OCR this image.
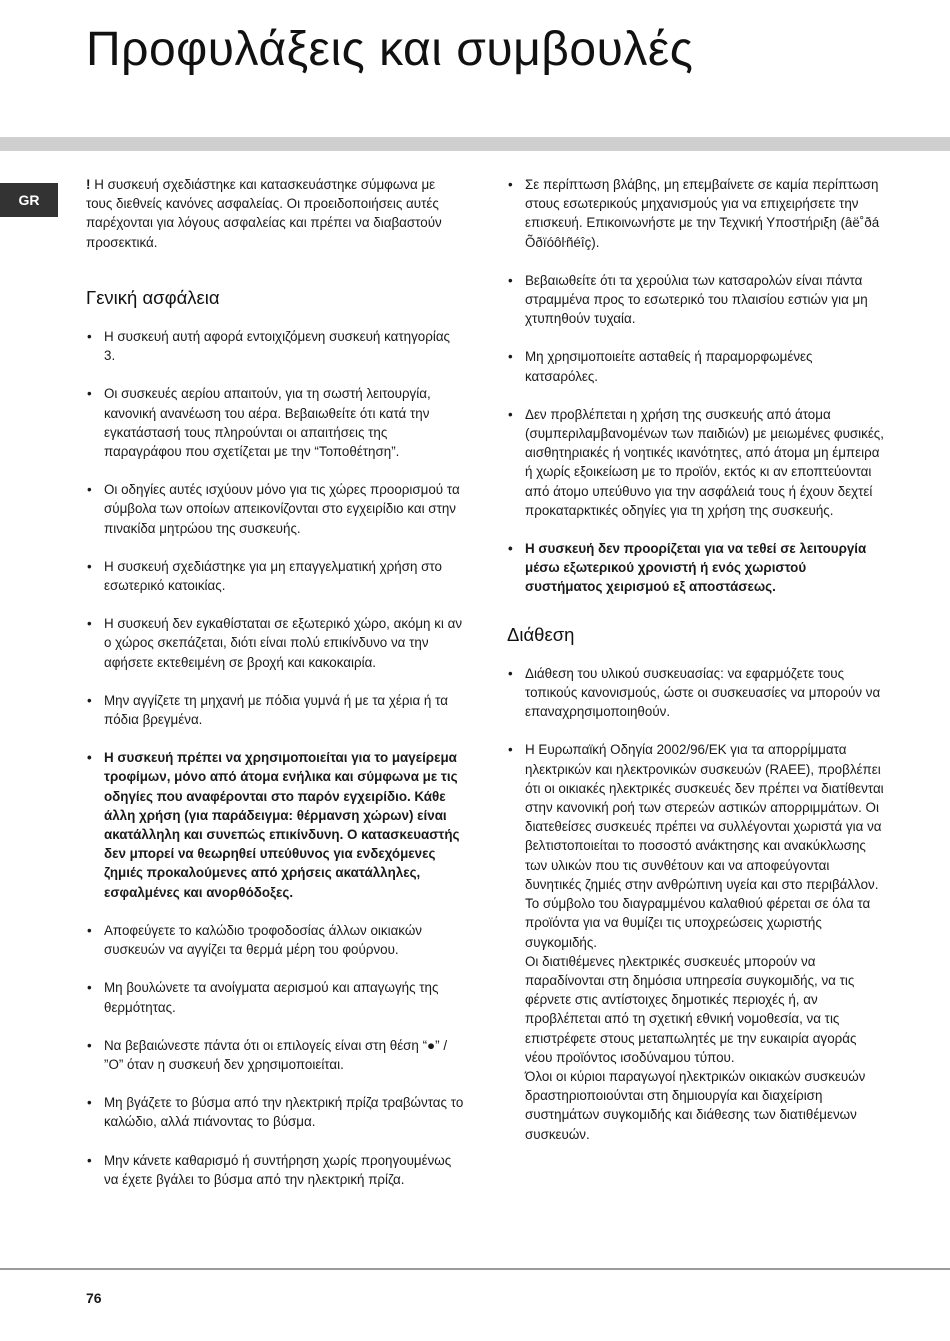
Προφυλάξεις και συμβουλές
GR

! Η συσκευή σχεδιάστηκε και κατασκευάστηκε σύμφωνα με τους διεθνείς κανόνες ασφαλείας. Οι προειδοποιήσεις αυτές παρέχονται για λόγους ασφαλείας και πρέπει να διαβαστούν προσεκτικά.

Γενική ασφάλεια
• Η συσκευή αυτή αφορά εντοιχιζόμενη συσκευή κατηγορίας 3.
• Οι συσκευές αερίου απαιτούν, για τη σωστή λειτουργία, κανονική ανανέωση του αέρα. Βεβαιωθείτε ότι κατά την εγκατάστασή τους πληρούνται οι απαιτήσεις της παραγράφου που σχετίζεται με την “Τοποθέτηση”.
• Οι οδηγίες αυτές ισχύουν μόνο για τις χώρες προορισμού τα σύμβολα των οποίων απεικονίζονται στο εγχειρίδιο και στην πινακίδα μητρώου της συσκευής.
• Η συσκευή σχεδιάστηκε για μη επαγγελματική χρήση στο εσωτερικό κατοικίας.
• Η συσκευή δεν εγκαθίσταται σε εξωτερικό χώρο, ακόμη κι αν ο χώρος σκεπάζεται, διότι είναι πολύ επικίνδυνο να την αφήσετε εκτεθειμένη σε βροχή και κακοκαιρία.
• Μην αγγίζετε τη μηχανή με πόδια γυμνά ή με τα χέρια ή τα πόδια βρεγμένα.
• Η συσκευή πρέπει να χρησιμοποιείται για το μαγείρεμα τροφίμων, μόνο από άτομα ενήλικα και σύμφωνα με τις οδηγίες που αναφέρονται στο παρόν εγχειρίδιο. Κάθε άλλη χρήση (για παράδειγμα: θέρμανση χώρων) είναι ακατάλληλη και συνεπώς επικίνδυνη. Ο κατασκευαστής δεν μπορεί να θεωρηθεί υπεύθυνος για ενδεχόμενες ζημιές προκαλούμενες από χρήσεις ακατάλληλες, εσφαλμένες και ανορθόδοξες.
• Αποφεύγετε το καλώδιο τροφοδοσίας άλλων οικιακών συσκευών να αγγίζει τα θερμά μέρη του φούρνου.
• Μη βουλώνετε τα ανοίγματα αερισμού και απαγωγής της θερμότητας.
• Να βεβαιώνεστε πάντα ότι οι επιλογείς είναι στη θέση “●” / ”O” όταν η συσκευή δεν χρησιμοποιείται.
• Μη βγάζετε το βύσμα από την ηλεκτρική πρίζα τραβώντας το καλώδιο, αλλά πιάνοντας το βύσμα.
• Μην κάνετε καθαρισμό ή συντήρηση χωρίς προηγουμένως να έχετε βγάλει το βύσμα από την ηλεκτρική πρίζα.
• Σε περίπτωση βλάβης, μη επεμβαίνετε σε καμία περίπτωση στους εσωτερικούς μηχανισμούς για να επιχειρήσετε την επισκευή. Επικοινωνήστε με την Τεχνική Υποστήριξη (âë˚ðá Õðïóôŀñéîç).
• Βεβαιωθείτε ότι τα χερούλια των κατσαρολών είναι πάντα στραμμένα προς το εσωτερικό του πλαισίου εστιών για μη χτυπηθούν τυχαία.
• Μη χρησιμοποιείτε ασταθείς ή παραμορφωμένες κατσαρόλες.
• Δεν προβλέπεται η χρήση της συσκευής από άτομα (συμπεριλαμβανομένων των παιδιών) με μειωμένες φυσικές, αισθητηριακές ή νοητικές ικανότητες, από άτομα μη έμπειρα ή χωρίς εξοικείωση με το προϊόν, εκτός κι αν εποπτεύονται από άτομο υπεύθυνο για την ασφάλειά τους ή έχουν δεχτεί προκαταρκτικές οδηγίες για τη χρήση της συσκευής.
• Η συσκευή δεν προορίζεται για να τεθεί σε λειτουργία μέσω εξωτερικού χρονιστή ή ενός χωριστού συστήματος χειρισμού εξ αποστάσεως.
Διάθεση
• Διάθεση του υλικού συσκευασίας: να εφαρμόζετε τους τοπικούς κανονισμούς, ώστε οι συσκευασίες να μπορούν να επαναχρησιμοποιηθούν.

• Η Ευρωπαϊκή Οδηγία 2002/96/ΕΚ για τα απορρίμματα ηλεκτρικών και ηλεκτρονικών συσκευών (RAEE), προβλέπει ότι οι οικιακές ηλεκτρικές συσκευές δεν πρέπει να διατίθενται στην κανονική ροή των στερεών αστικών απορριμμάτων. Οι διατεθείσες συσκευές πρέπει να συλλέγονται χωριστά για να βελτιστοποιείται το ποσοστό ανάκτησης και ανακύκλωσης των υλικών που τις συνθέτουν και να αποφεύγονται δυνητικές ζημιές στην ανθρώπινη υγεία και στο περιβάλλον. Το σύμβολο του διαγραμμένου καλαθιού φέρεται σε όλα τα προϊόντα για να θυμίζει τις υποχρεώσεις χωριστής συγκομιδής.

Οι διατιθέμενες ηλεκτρικές συσκευές μπορούν να παραδίνονται στη δημόσια υπηρεσία συγκομιδής, να τις φέρνετε στις αντίστοιχες δημοτικές περιοχές ή, αν προβλέπεται από τη σχετική εθνική νομοθεσία, να τις επιστρέφετε στους μεταπωλητές με την ευκαιρία αγοράς νέου προϊόντος ισοδύναμου τύπου.

Όλοι οι κύριοι παραγωγοί ηλεκτρικών οικιακών συσκευών δραστηριοποιούνται στη δημιουργία και διαχείριση συστημάτων συγκομιδής και διάθεσης των διατιθέμενων συσκευών.

76
